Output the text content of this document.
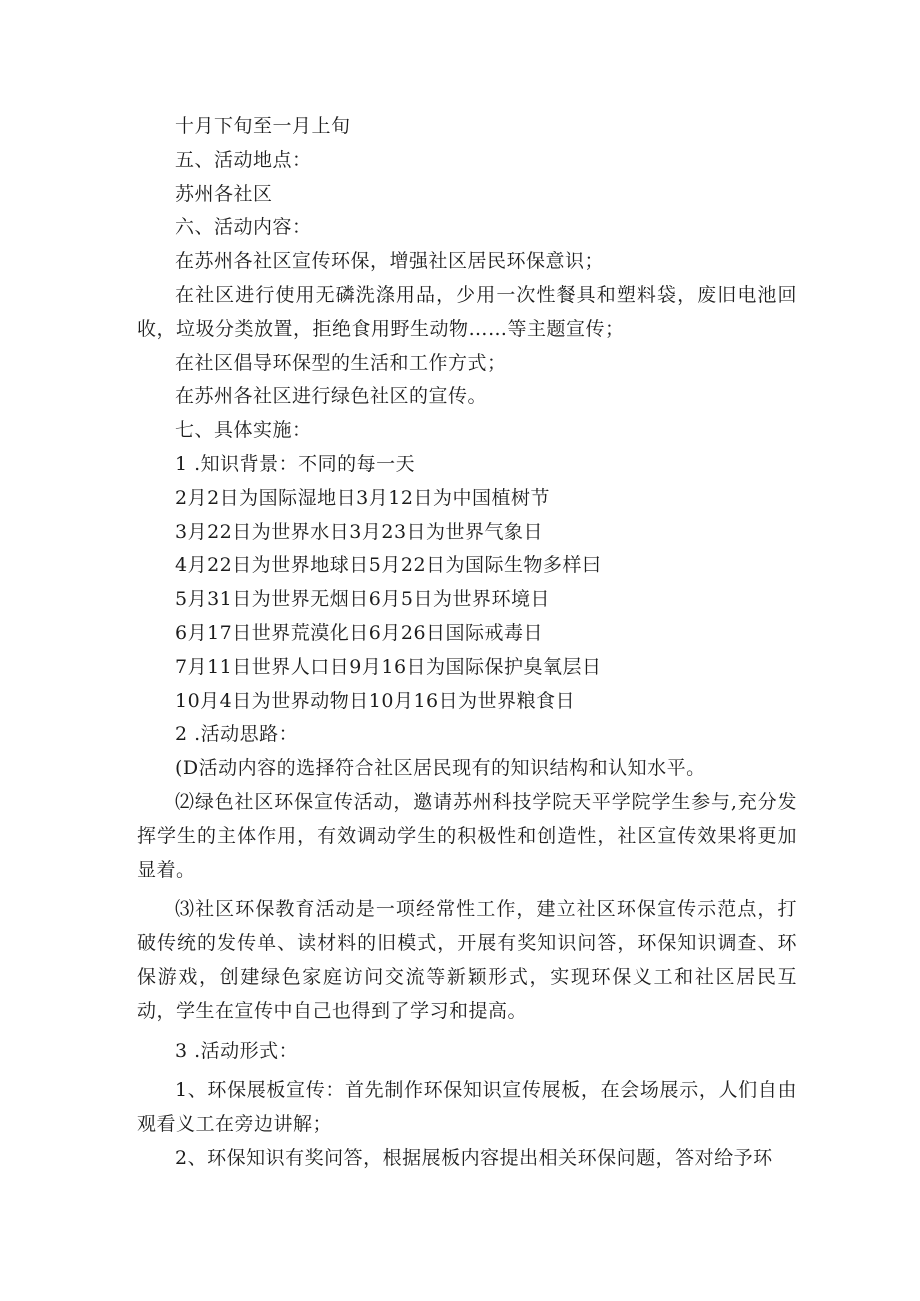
十月下旬至一月上旬

五、活动地点：

苏州各社区

六、活动内容：

在苏州各社区宣传环保，增强社区居民环保意识；

在社区进行使用无磷洗涤用品，少用一次性餐具和塑料袋，废旧电池回收，垃圾分类放置，拒绝食用野生动物……等主题宣传；

在社区倡导环保型的生活和工作方式；

在苏州各社区进行绿色社区的宣传。

七、具体实施：

1 .知识背景：不同的每一天

2月2日为国际湿地日3月12日为中国植树节

3月22日为世界水日3月23日为世界气象日

4月22日为世界地球日5月22日为国际生物多样曰

5月31日为世界无烟日6月5日为世界环境日

6月17日世界荒漠化日6月26日国际戒毒日

7月11日世界人口日9月16日为国际保护臭氧层日

10月4日为世界动物日10月16日为世界粮食日

2 .活动思路：

(D活动内容的选择符合社区居民现有的知识结构和认知水平。

⑵绿色社区环保宣传活动，邀请苏州科技学院天平学院学生参与,充分发挥学生的主体作用，有效调动学生的积极性和创造性，社区宣传效果将更加显着。

⑶社区环保教育活动是一项经常性工作，建立社区环保宣传示范点，打破传统的发传单、读材料的旧模式，开展有奖知识问答，环保知识调查、环保游戏，创建绿色家庭访问交流等新颖形式，实现环保义工和社区居民互动，学生在宣传中自己也得到了学习和提高。

3 .活动形式：

1、环保展板宣传：首先制作环保知识宣传展板，在会场展示，人们自由观看义工在旁边讲解；

2、环保知识有奖问答，根据展板内容提出相关环保问题，答对给予环
